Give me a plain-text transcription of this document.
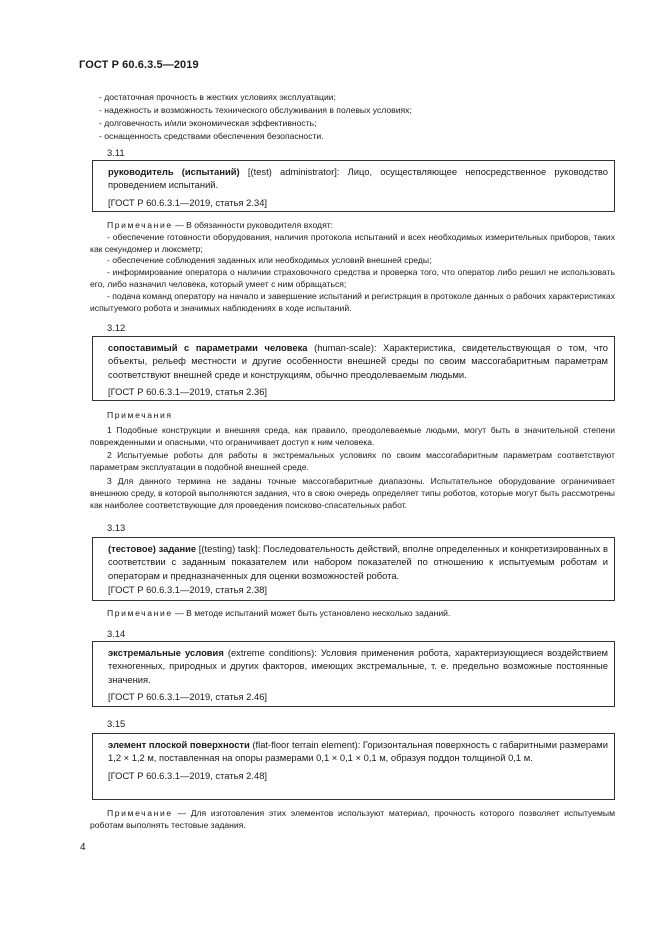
ГОСТ Р 60.6.3.5—2019
- достаточная прочность в жестких условиях эксплуатации;
- надежность и возможность технического обслуживания в полевых условиях;
- долговечность и/или экономическая эффективность;
- оснащенность средствами обеспечения безопасности.
3.11
руководитель (испытаний) [(test) administrator]: Лицо, осуществляющее непосредственное руководство проведением испытаний.
[ГОСТ Р 60.6.3.1—2019, статья 2.34]
Примечание — В обязанности руководителя входят:
- обеспечение готовности оборудования, наличия протокола испытаний и всех необходимых измерительных приборов, таких как секундомер и люксметр;
- обеспечение соблюдения заданных или необходимых условий внешней среды;
- информирование оператора о наличии страховочного средства и проверка того, что оператор либо решил не использовать его, либо назначил человека, который умеет с ним обращаться;
- подача команд оператору на начало и завершение испытаний и регистрация в протоколе данных о рабочих характеристиках испытуемого робота и значимых наблюдениях в ходе испытаний.
3.12
сопоставимый с параметрами человека (human-scale): Характеристика, свидетельствующая о том, что объекты, рельеф местности и другие особенности внешней среды по своим массогабаритным параметрам соответствуют внешней среде и конструкциям, обычно преодолеваемым людьми.
[ГОСТ Р 60.6.3.1—2019, статья 2.36]
Примечания
1 Подобные конструкции и внешняя среда, как правило, преодолеваемые людьми, могут быть в значительной степени поврежденными и опасными, что ограничивает доступ к ним человека.
2 Испытуемые роботы для работы в экстремальных условиях по своим массогабаритным параметрам соответствуют параметрам эксплуатации в подобной внешней среде.
3 Для данного термина не заданы точные массогабаритные диапазоны. Испытательное оборудование ограничивает внешнюю среду, в которой выполняются задания, что в свою очередь определяет типы роботов, которые могут быть рассмотрены как наиболее соответствующие для проведения поисково-спасательных работ.
3.13
(тестовое) задание [(testing) task]: Последовательность действий, вполне определенных и конкретизированных в соответствии с заданным показателем или набором показателей по отношению к испытуемым роботам и операторам и предназначенных для оценки возможностей робота.
[ГОСТ Р 60.6.3.1—2019, статья 2.38]
Примечание — В методе испытаний может быть установлено несколько заданий.
3.14
экстремальные условия (extreme conditions): Условия применения робота, характеризующиеся воздействием техногенных, природных и других факторов, имеющих экстремальные, т. е. предельно возможные постоянные значения.
[ГОСТ Р 60.6.3.1—2019, статья 2.46]
3.15
элемент плоской поверхности (flat-floor terrain element): Горизонтальная поверхность с габаритными размерами 1,2 × 1,2 м, поставленная на опоры размерами 0,1 × 0,1 × 0,1 м, образуя поддон толщиной 0,1 м.
[ГОСТ Р 60.6.3.1—2019, статья 2.48]
Примечание — Для изготовления этих элементов используют материал, прочность которого позволяет испытуемым роботам выполнять тестовые задания.
4
